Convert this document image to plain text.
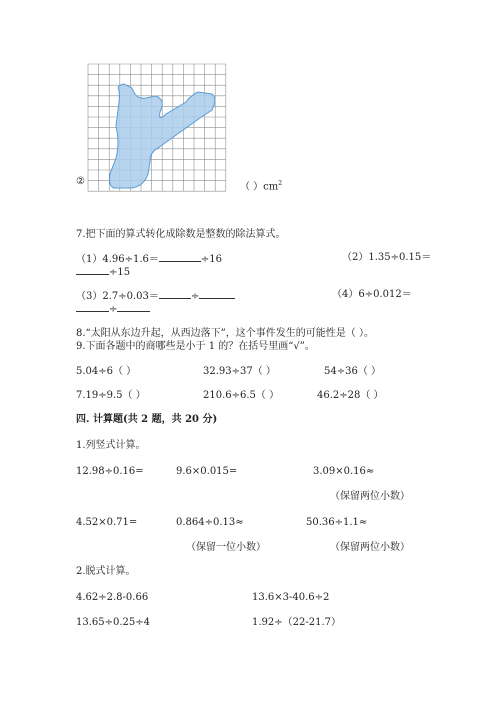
②	（ ）$cm^2$
7.把下面的算式转化成除数是整数的除法算式。
（1）4.96÷1.6＝	÷16	（2）1.35÷0.15＝
÷15
（3）2.7÷0.03＝	÷	（4）6÷0.012＝
÷
8.“太阳从东边升起，从西边落下”，这个事件发生的可能性是（ ）。
9.下面各题中的商哪些是小于 1 的？在括号里画“√”。
5.04÷6（ ）	32.93÷37（ ）	54÷36（ ）
7.19÷9.5（ ）	210.6÷6.5（ ）	46.2÷28（ ）
四. 计算题(共 2 题，共 20 分)
1.列竖式计算。
12.98÷0.16=	9.6×0.015=	3.09×0.16≈
（保留两位小数）
4.52×0.71=	0.864÷0.13≈	50.36÷1.1≈
（保留一位小数）	（保留两位小数）
2.脱式计算。
4.62÷2.8-0.66	13.6×3-40.6÷2
13.65÷0.25÷4	1.92÷（22-21.7）
